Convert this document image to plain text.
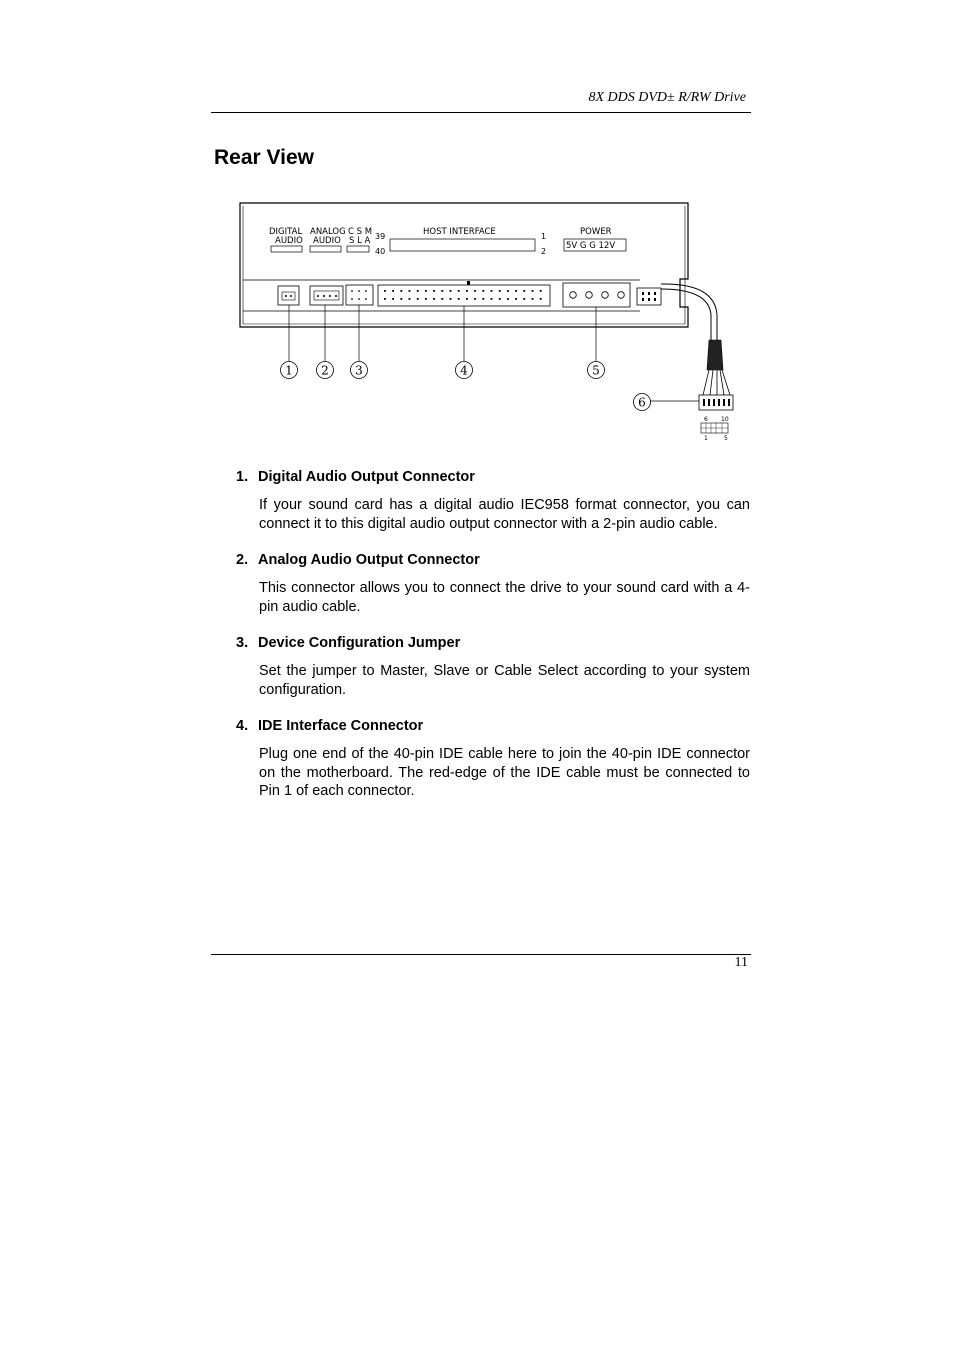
8X DDS DVD± R/RW Drive
Rear View
DIGITAL ANALOG
AUDIO AUDIO
C S M
S L A 39
40
HOST INTERFACE	1
2
POWER
5V G G 12V
6 10
1	5
1 2 3	4	5
6

1. Digital Audio Output Connector

If your sound card has a digital audio IEC958 format connector, you can connect it to this digital audio output connector with a 2-pin audio cable.

2. Analog Audio Output Connector

This connector allows you to connect the drive to your sound card with a 4-pin audio cable.

3. Device Configuration Jumper

Set the jumper to Master, Slave or Cable Select according to your system configuration.

4. IDE Interface Connector

Plug one end of the 40-pin IDE cable here to join the 40-pin IDE connector on the motherboard. The red-edge of the IDE cable must be connected to Pin 1 of each connector.

11
